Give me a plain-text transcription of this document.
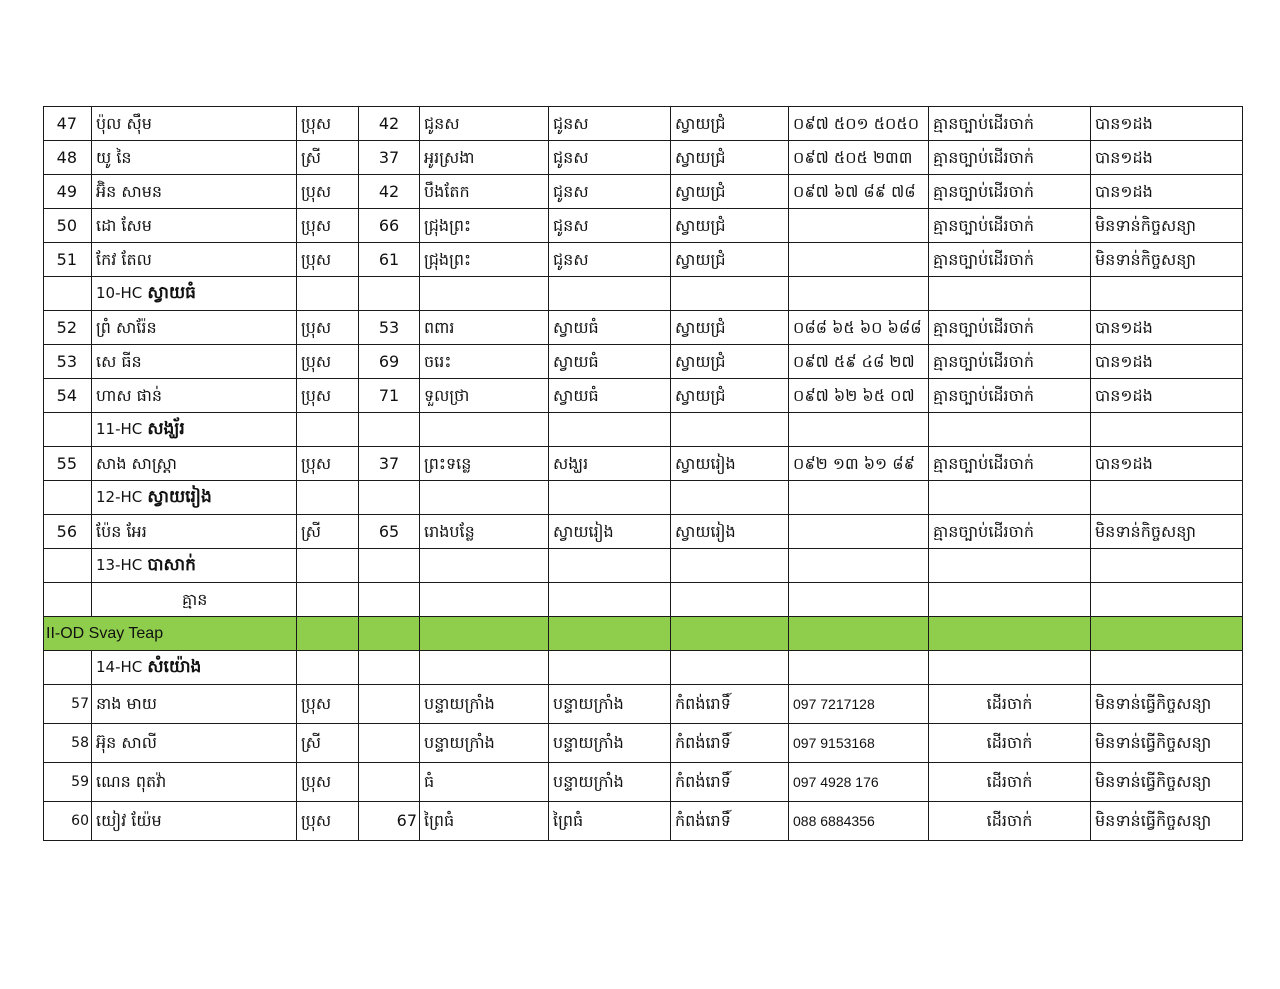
47	ប៉ុល ស៊ឹម	ប្រុស	42	ជូនស	ជូនស	ស្វាយជ្រំ	០៩៧ ៥០១ ៥០៥០	គ្មានច្បាប់ដើរចាក់	បាន១ដង
48	យូ នៃ	ស្រី	37	អូរស្រងា	ជូនស	ស្វាយជ្រំ	០៩៧ ៥០៥ ២៣៣	គ្មានច្បាប់ដើរចាក់	បាន១ដង
49	អ៊ិន សាមន	ប្រុស	42	បឹងតែក	ជូនស	ស្វាយជ្រំ	០៩៧ ៦៧ ៨៩ ៧៨	គ្មានច្បាប់ដើរចាក់	បាន១ដង
50	ដោ សែម	ប្រុស	66	ជ្រុងព្រះ	ជូនស	ស្វាយជ្រំ		គ្មានច្បាប់ដើរចាក់	មិនទាន់កិច្ចសន្យា
51	កែវ តែល	ប្រុស	61	ជ្រុងព្រះ	ជូនស	ស្វាយជ្រំ		គ្មានច្បាប់ដើរចាក់	មិនទាន់កិច្ចសន្យា
	10-HC ស្វាយធំ								
52	ព្រំ សារ៉ែន	ប្រុស	53	ពពារ	ស្វាយធំ	ស្វាយជ្រំ	០៨៨ ៦៥ ៦០ ៦៨៨	គ្មានច្បាប់ដើរចាក់	បាន១ដង
53	សេ ធីន	ប្រុស	69	ចរេះ	ស្វាយធំ	ស្វាយជ្រំ	០៩៧ ៥៩ ៤៨ ២៧	គ្មានច្បាប់ដើរចាក់	បាន១ដង
54	ហាស ផាន់	ប្រុស	71	ទួលថ្រា	ស្វាយធំ	ស្វាយជ្រំ	០៩៧ ៦២ ៦៥ ០៧	គ្មានច្បាប់ដើរចាក់	បាន១ដង
	11-HC សង្ឃ័រ								
55	សាង សាស្ត្រា	ប្រុស	37	ព្រះទន្លេ	សង្ឃរ	ស្វាយរៀង	០៩២ ១៣ ៦១ ៨៩	គ្មានច្បាប់ដើរចាក់	បាន១ដង
	12-HC ស្វាយរៀង								
56	ប៉ែន អែរ	ស្រី	65	រោងបន្លែ	ស្វាយរៀង	ស្វាយរៀង		គ្មានច្បាប់ដើរចាក់	មិនទាន់កិច្ចសន្យា
	13-HC បាសាក់								
	គ្មាន								
II-OD Svay Teap									
	14-HC សំយ៉ោង								
57	នាង មាយ	ប្រុស		បន្ទាយក្រាំង	បន្ទាយក្រាំង	កំពង់រោទិ៍	097 7217128	ដើរចាក់	មិនទាន់ធ្វើកិច្ចសន្យា
58	អ៊ុន សាលី	ស្រី		បន្ទាយក្រាំង	បន្ទាយក្រាំង	កំពង់រោទិ៍	097 9153168	ដើរចាក់	មិនទាន់ធ្វើកិច្ចសន្យា
59	ណេន ពុតវ៉ា	ប្រុស		ធំ	បន្ទាយក្រាំង	កំពង់រោទិ៍	097 4928 176	ដើរចាក់	មិនទាន់ធ្វើកិច្ចសន្យា
60	យៀវ យ៉ែម	ប្រុស	67	ព្រៃធំ	ព្រៃធំ	កំពង់រោទិ៍	088 6884356	ដើរចាក់	មិនទាន់ធ្វើកិច្ចសន្យា
